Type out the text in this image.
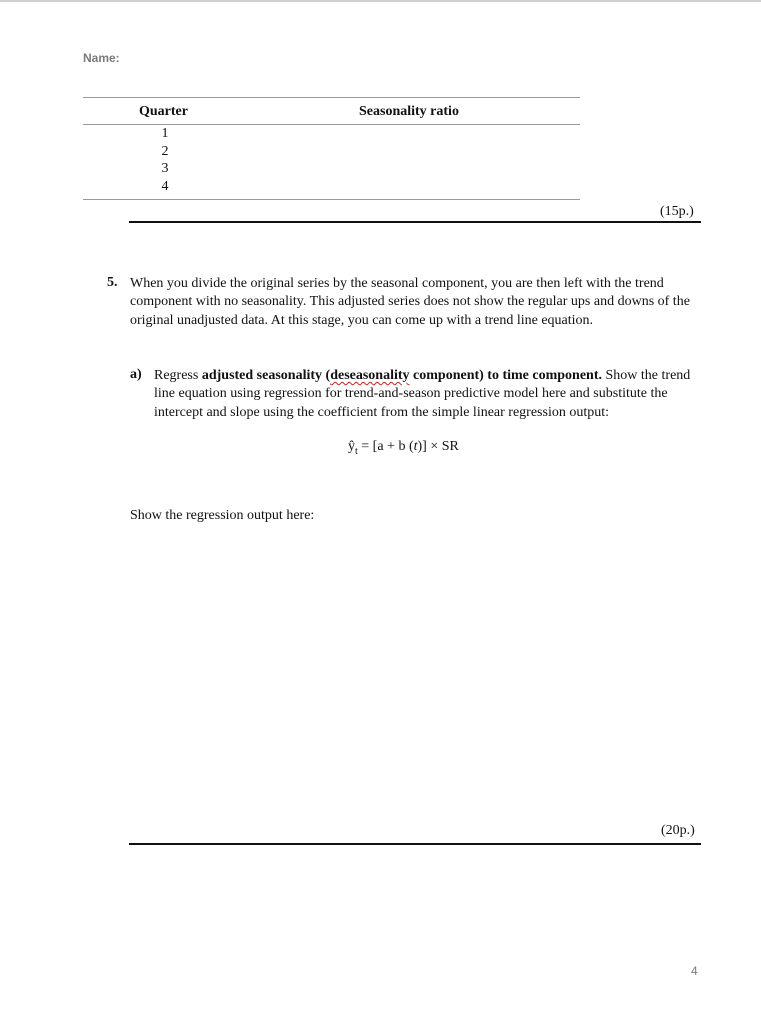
Name:
Quarter	Seasonality ratio
1
2
3
4
(15p.)
5. When you divide the original series by the seasonal component, you are then left with the trend component with no seasonality. This adjusted series does not show the regular ups and downs of the original unadjusted data. At this stage, you can come up with a trend line equation.
a) Regress adjusted seasonality (deseasonality component) to time component. Show the trend line equation using regression for trend-and-season predictive model here and substitute the intercept and slope using the coefficient from the simple linear regression output:
$ŷ_t = [a + b$ (t)] × SR
Show the regression output here:
(20p.)
4
